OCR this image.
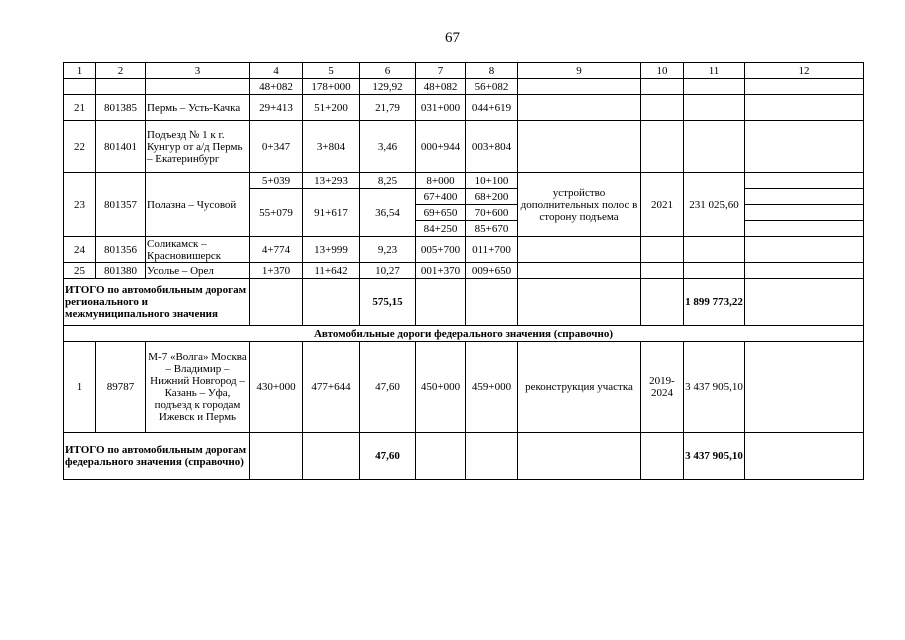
67
1	2	3	4	5	6	7	8	9	10	11	12
			48+082	178+000	129,92	48+082	56+082				
21	801385	Пермь – Усть-Качка	29+413	51+200	21,79	031+000	044+619				
22	801401	Подъезд № 1 к г. Кунгур от а/д Пермь – Екатеринбург	0+347	3+804	3,46	000+944	003+804				
23	801357	Полазна – Чусовой	5+039	13+293	8,25	8+000	10+100	устройство дополнительных полос в сторону подъема	2021	231 025,60	
			55+079	91+617	36,54	67+400	68+200				
						69+650	70+600				
						84+250	85+670				
24	801356	Соликамск – Красновишерск	4+774	13+999	9,23	005+700	011+700				
25	801380	Усолье – Орел	1+370	11+642	10,27	001+370	009+650				
ИТОГО по автомобильным дорогам регионального и межмуниципального значения					575,15					1 899 773,22	
Автомобильные дороги федерального значения (справочно)											
1	89787	М-7 «Волга» Москва – Владимир – Нижний Новгород – Казань – Уфа, подъезд к городам Ижевск и Пермь	430+000	477+644	47,60	450+000	459+000	реконструкция участка	2019-2024	3 437 905,10	
ИТОГО по автомобильным дорогам федерального значения (справочно)					47,60					3 437 905,10	
